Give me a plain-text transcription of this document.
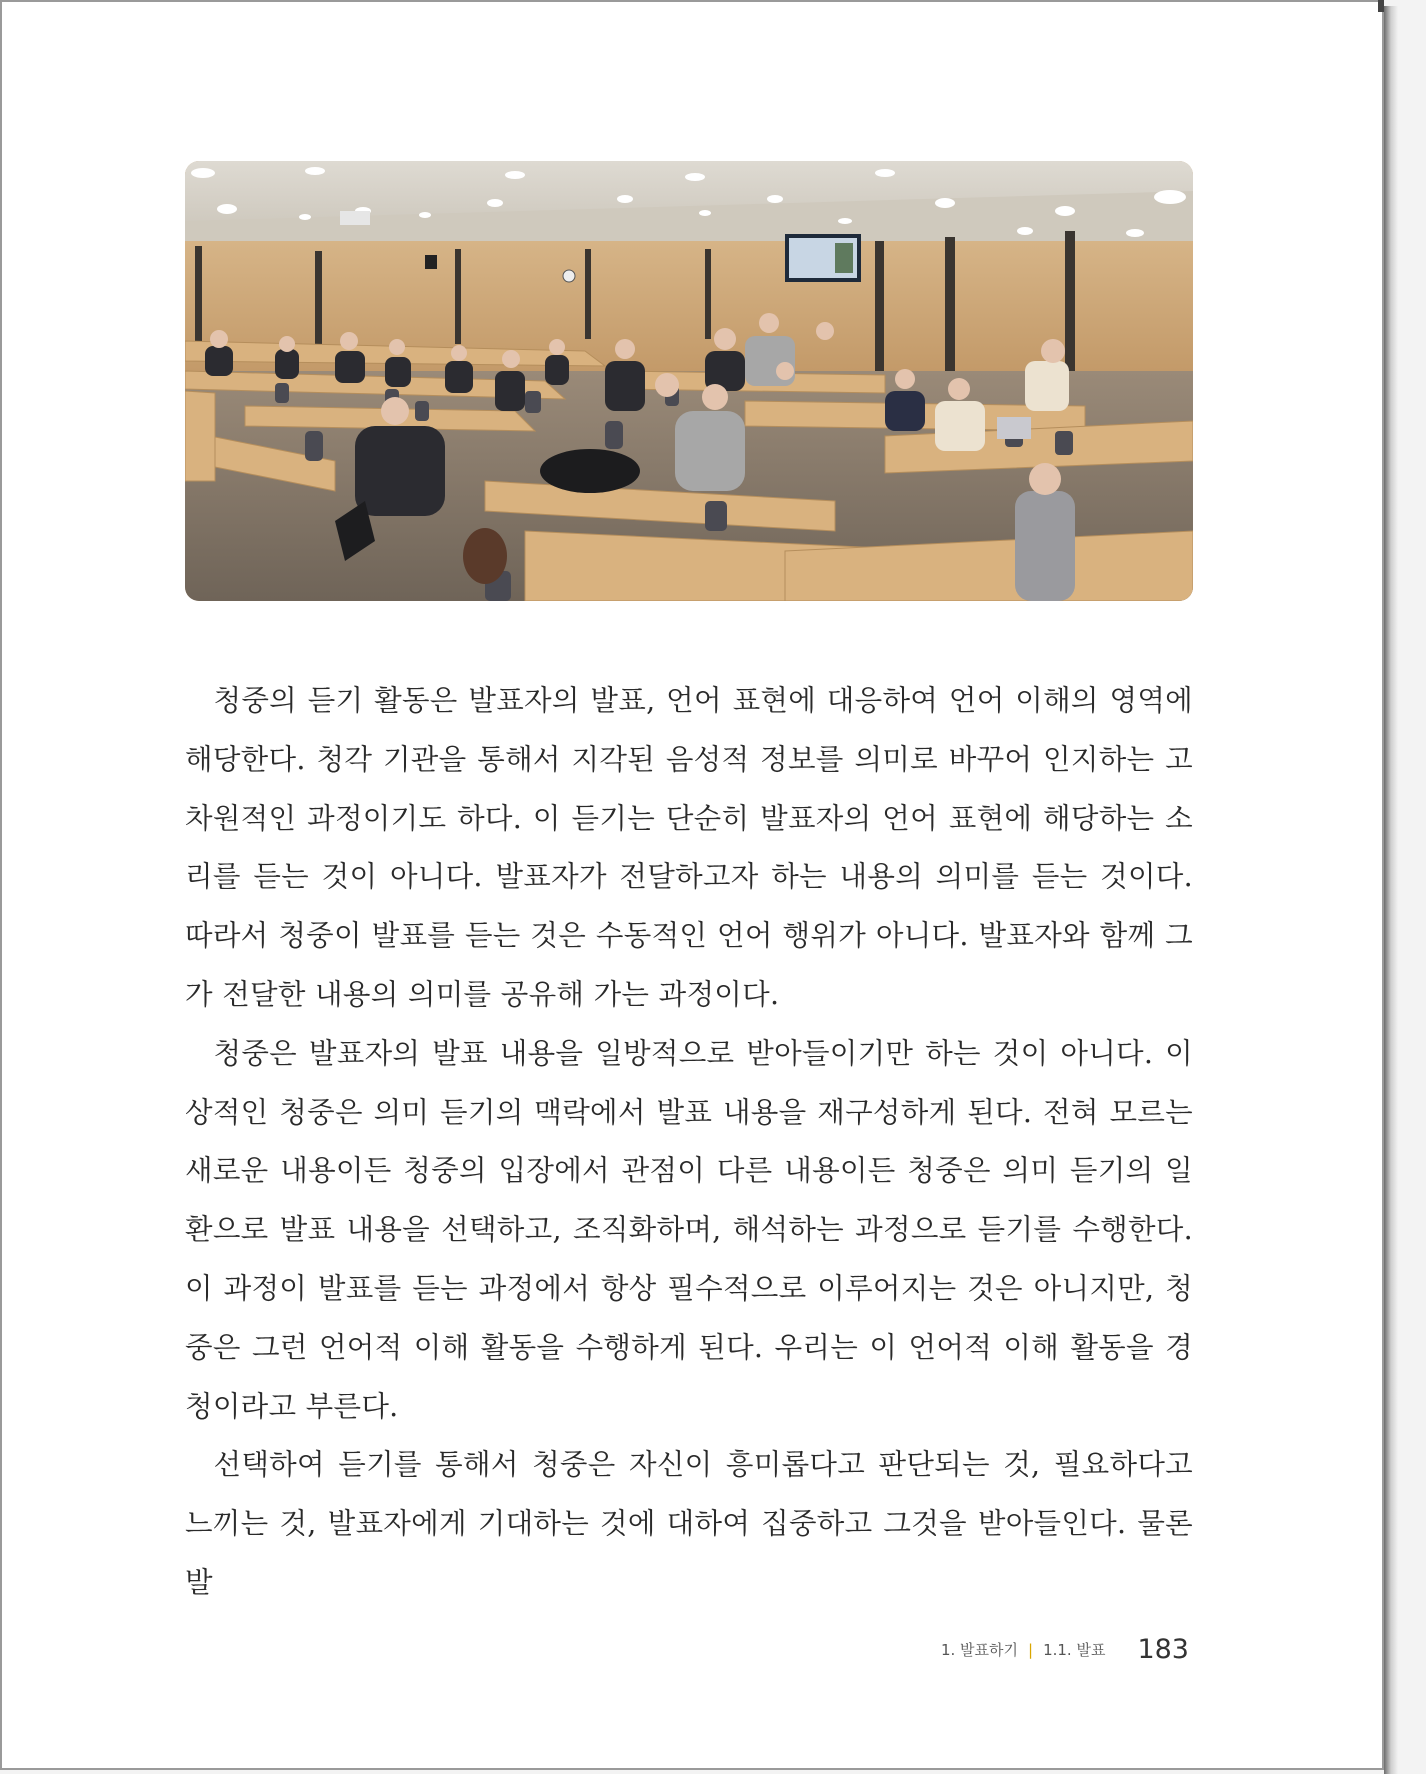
청중의 듣기 활동은 발표자의 발표, 언어 표현에 대응하여 언어 이해의 영역에 해당한다. 청각 기관을 통해서 지각된 음성적 정보를 의미로 바꾸어 인지하는 고차원적인 과정이기도 하다. 이 듣기는 단순히 발표자의 언어 표현에 해당하는 소리를 듣는 것이 아니다. 발표자가 전달하고자 하는 내용의 의미를 듣는 것이다. 따라서 청중이 발표를 듣는 것은 수동적인 언어 행위가 아니다. 발표자와 함께 그가 전달한 내용의 의미를 공유해 가는 과정이다.

청중은 발표자의 발표 내용을 일방적으로 받아들이기만 하는 것이 아니다. 이상적인 청중은 의미 듣기의 맥락에서 발표 내용을 재구성하게 된다. 전혀 모르는 새로운 내용이든 청중의 입장에서 관점이 다른 내용이든 청중은 의미 듣기의 일환으로 발표 내용을 선택하고, 조직화하며, 해석하는 과정으로 듣기를 수행한다. 이 과정이 발표를 듣는 과정에서 항상 필수적으로 이루어지는 것은 아니지만, 청중은 그런 언어적 이해 활동을 수행하게 된다. 우리는 이 언어적 이해 활동을 경청이라고 부른다.

선택하여 듣기를 통해서 청중은 자신이 흥미롭다고 판단되는 것, 필요하다고 느끼는 것, 발표자에게 기대하는 것에 대하여 집중하고 그것을 받아들인다. 물론 발

1. 발표하기 | 1.1. 발표 183
